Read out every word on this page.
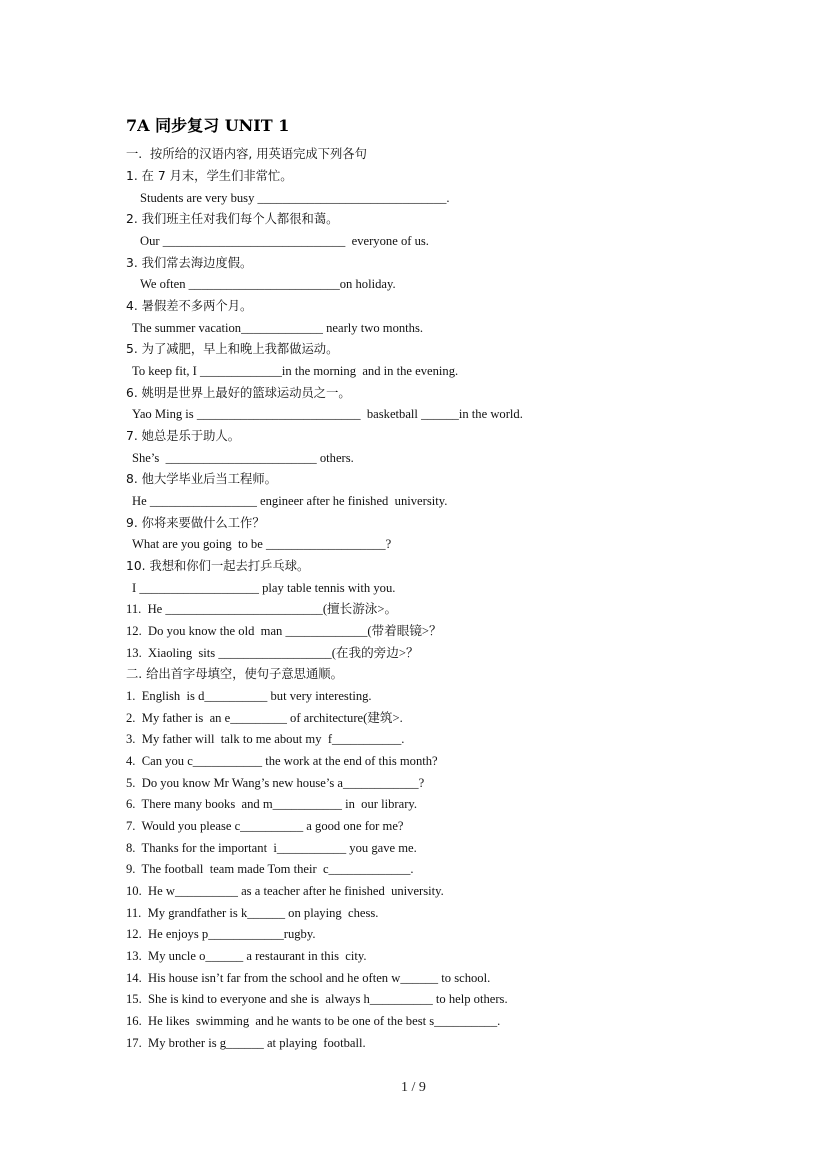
7A 同步复习 UNIT 1
一.  按所给的汉语内容, 用英语完成下列各句
1. 在 7 月末，学生们非常忙。
Students are very busy ______________________________.
2. 我们班主任对我们每个人都很和蔼。
Our _____________________________  everyone of us.
3. 我们常去海边度假。
We often ________________________on holiday.
4. 暑假差不多两个月。
The summer vacation_____________ nearly two months.
5. 为了减肥，早上和晚上我都做运动。
To keep fit, I _____________in the morning  and in the evening.
6. 姚明是世界上最好的篮球运动员之一。
Yao Ming is __________________________  basketball ______in the world.
7. 她总是乐于助人。
She’s  ________________________ others.
8. 他大学毕业后当工程师。
He _________________ engineer after he finished  university.
9. 你将来要做什么工作？
What are you going  to be ___________________?
10. 我想和你们一起去打乒乓球。
I ___________________ play table tennis with you.
11.  He _________________________(擅长游泳>。
12.  Do you know the old  man _____________(带着眼镜>？
13.  Xiaoling  sits __________________(在我的旁边>？
二. 给出首字母填空，使句子意思通顺。
1.  English  is d__________ but very interesting.
2.  My father is  an e_________ of architecture(建筑>.
3.  My father will  talk to me about my  f___________.
4.  Can you c___________ the work at the end of this month?
5.  Do you know Mr Wang’s new house’s a____________?
6.  There many books  and m___________ in  our library.
7.  Would you please c__________ a good one for me?
8.  Thanks for the important  i___________ you gave me.
9.  The football  team made Tom their  c_____________.
10.  He w__________ as a teacher after he finished  university.
11.  My grandfather is k______ on playing  chess.
12.  He enjoys p____________rugby.
13.  My uncle o______ a restaurant in this  city.
14.  His house isn’t far from the school and he often w______ to school.
15.  She is kind to everyone and she is  always h__________ to help others.
16.  He likes  swimming  and he wants to be one of the best s__________.
17.  My brother is g______ at playing  football.
1 / 9
